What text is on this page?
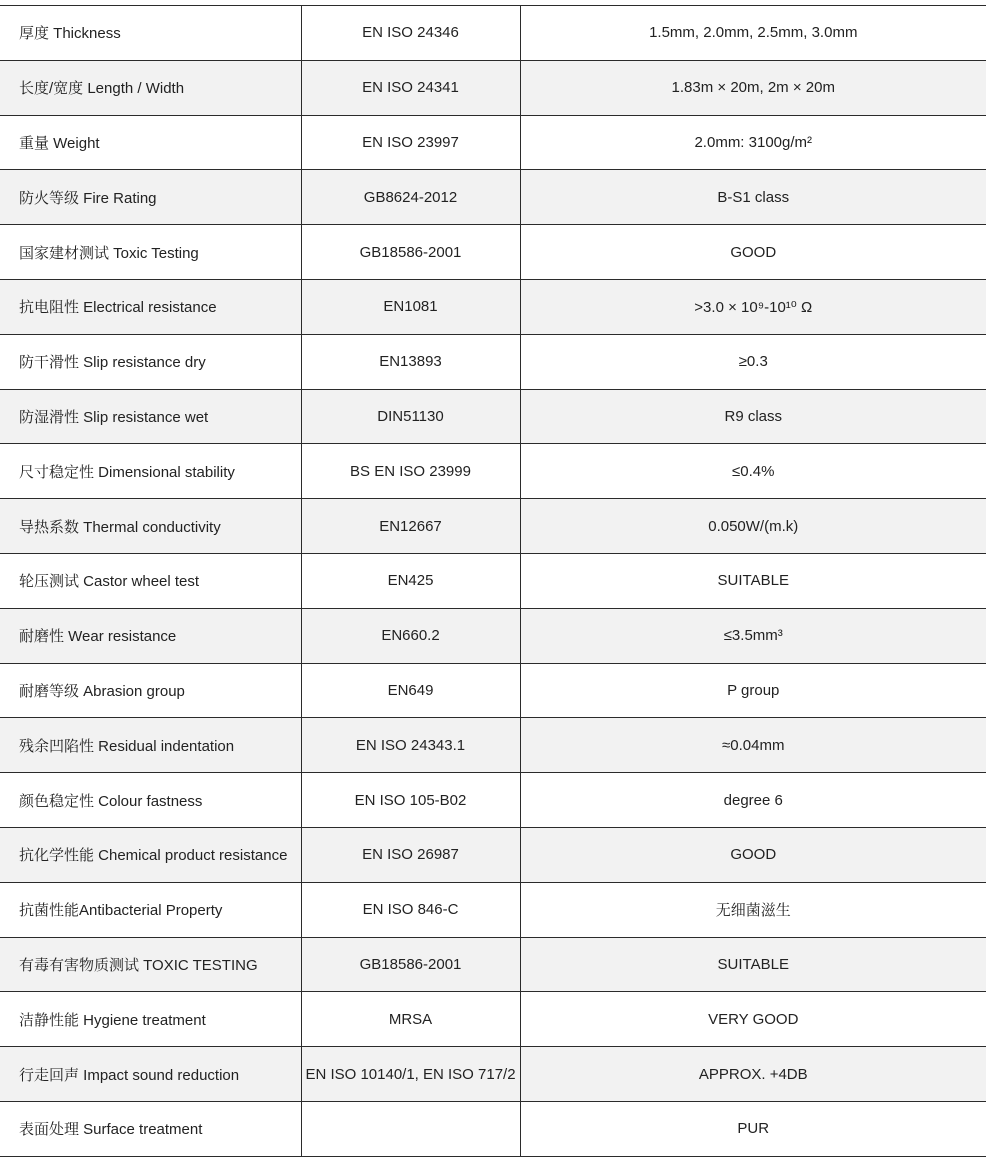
厚度 Thickness	EN ISO 24346	1.5mm, 2.0mm, 2.5mm, 3.0mm
长度/宽度 Length / Width	EN ISO 24341	1.83m × 20m, 2m × 20m
重量 Weight	EN ISO 23997	2.0mm: 3100g/m²
防火等级 Fire Rating	GB8624-2012	B-S1 class
国家建材测试 Toxic Testing	GB18586-2001	GOOD
抗电阻性 Electrical resistance	EN1081	>3.0 × 10⁹-10¹⁰ Ω
防干滑性 Slip resistance dry	EN13893	≥0.3
防湿滑性 Slip resistance wet	DIN51130	R9 class
尺寸稳定性 Dimensional stability	BS EN ISO 23999	≤0.4%
导热系数 Thermal conductivity	EN12667	0.050W/(m.k)
轮压测试 Castor wheel test	EN425	SUITABLE
耐磨性 Wear resistance	EN660.2	≤3.5mm³
耐磨等级 Abrasion group	EN649	P group
残余凹陷性 Residual indentation	EN ISO 24343.1	≈0.04mm
颜色稳定性 Colour fastness	EN ISO 105-B02	degree 6
抗化学性能 Chemical product resistance	EN ISO 26987	GOOD
抗菌性能Antibacterial Property	EN ISO 846-C	无细菌滋生
有毒有害物质测试 TOXIC TESTING	GB18586-2001	SUITABLE
洁静性能 Hygiene treatment	MRSA	VERY GOOD
行走回声 Impact sound reduction	EN ISO 10140/1, EN ISO 717/2	APPROX. +4DB
表面处理 Surface treatment		PUR
